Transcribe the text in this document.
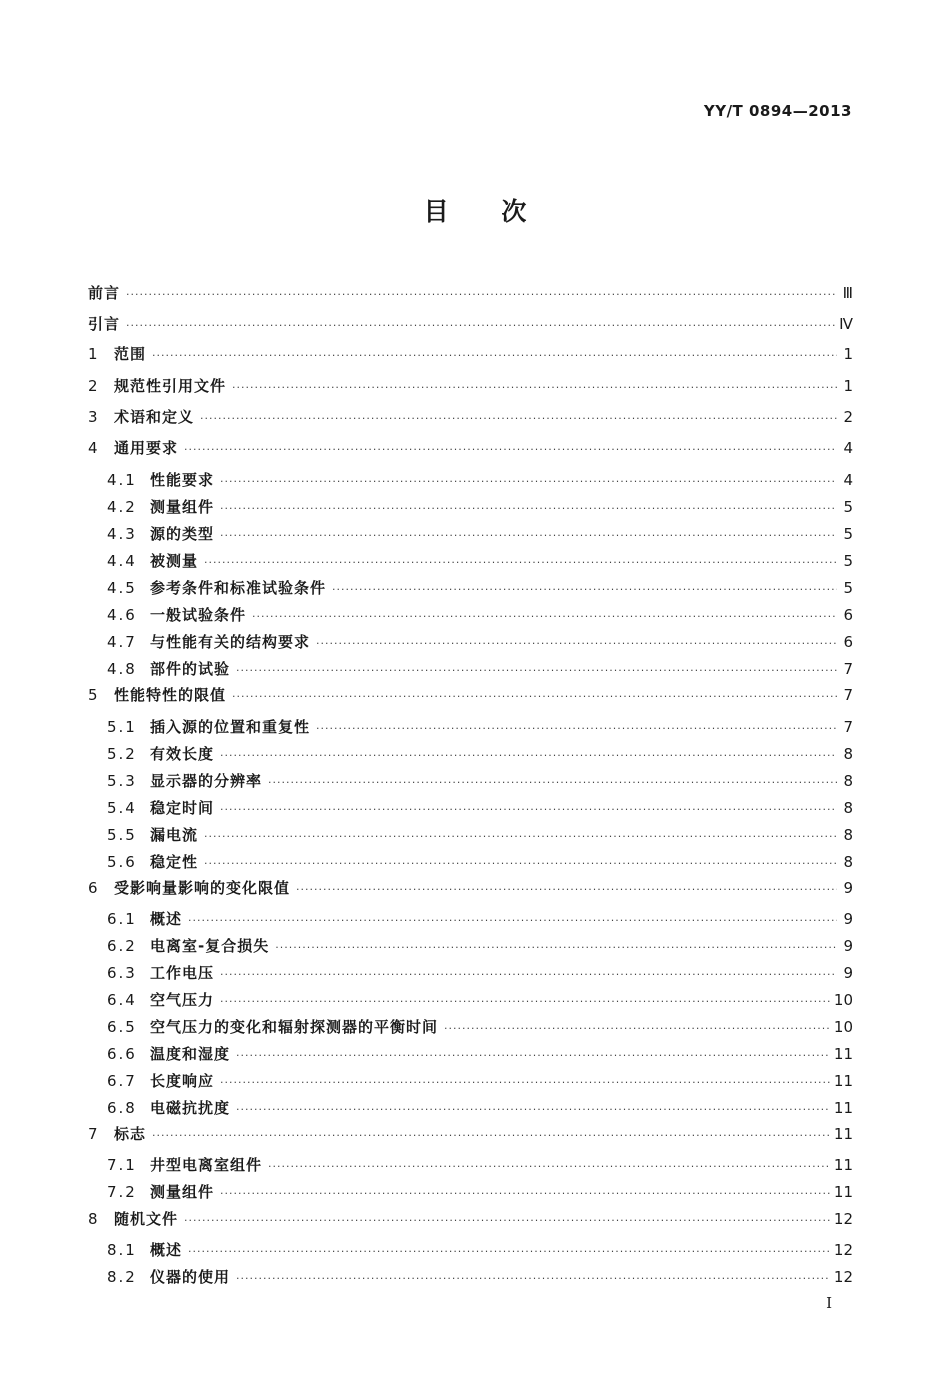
YY/T 0894—2013
目 次
前言 ·····	Ⅲ
引言 ·····	Ⅳ
1 范围 ·····	1
2 规范性引用文件 ·····	1
3 术语和定义 ·····	2
4 通用要求 ·····	4
4.1 性能要求 ·····	4
4.2 测量组件 ·····	5
4.3 源的类型 ·····	5
4.4 被测量 ·····	5
4.5 参考条件和标准试验条件 ·····	5
4.6 一般试验条件 ·····	6
4.7 与性能有关的结构要求 ·····	6
4.8 部件的试验 ·····	7
5 性能特性的限值 ·····	7
5.1 插入源的位置和重复性 ·····	7
5.2 有效长度 ·····	8
5.3 显示器的分辨率 ·····	8
5.4 稳定时间 ·····	8
5.5 漏电流 ·····	8
5.6 稳定性 ·····	8
6 受影响量影响的变化限值 ·····	9
6.1 概述 ·····	9
6.2 电离室-复合损失 ·····	9
6.3 工作电压 ·····	9
6.4 空气压力 ·····	10
6.5 空气压力的变化和辐射探测器的平衡时间 ·····	10
6.6 温度和湿度 ·····	11
6.7 长度响应 ·····	11
6.8 电磁抗扰度 ·····	11
7 标志 ·····	11
7.1 井型电离室组件 ·····	11
7.2 测量组件 ·····	11
8 随机文件 ·····	12
8.1 概述 ·····	12
8.2 仪器的使用 ·····	12
I
